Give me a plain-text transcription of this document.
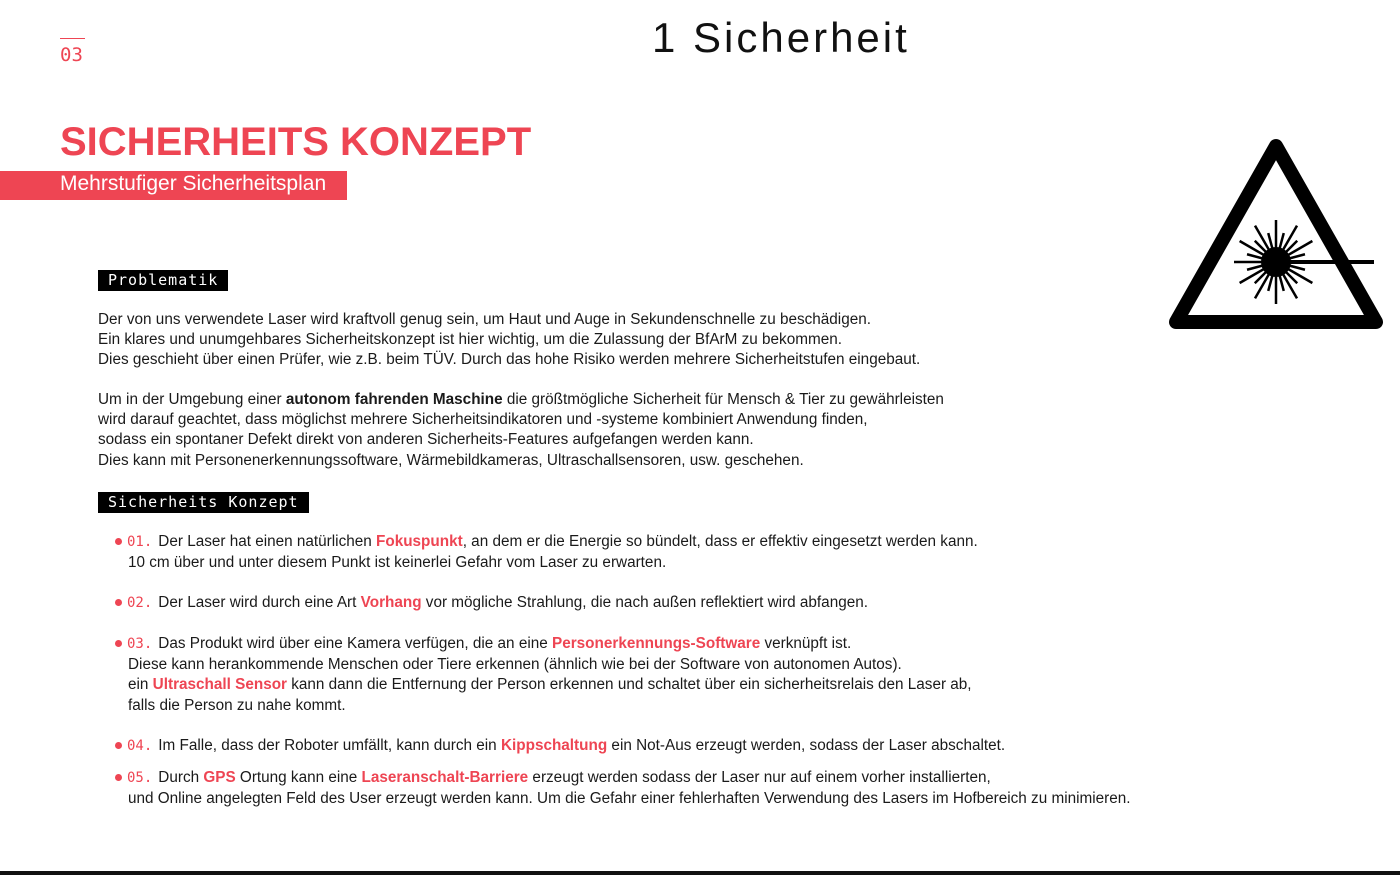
03	1 Sicherheit
SICHERHEITS KONZEPT
Mehrstufiger Sicherheitsplan
Problematik
Der von uns verwendete Laser wird kraftvoll genug sein, um Haut und Auge in Sekundenschnelle zu beschädigen.
Ein klares und unumgehbares Sicherheitskonzept ist hier wichtig, um die Zulassung der BfArM zu bekommen.
Dies geschieht über einen Prüfer, wie z.B. beim TÜV. Durch das hohe Risiko werden mehrere Sicherheitstufen eingebaut.
Um in der Umgebung einer autonom fahrenden Maschine die größtmögliche Sicherheit für Mensch & Tier zu gewährleisten
wird darauf geachtet, dass möglichst mehrere Sicherheitsindikatoren und -systeme kombiniert Anwendung finden,
sodass ein spontaner Defekt direkt von anderen Sicherheits-Features aufgefangen werden kann.
Dies kann mit Personenerkennungssoftware, Wärmebildkameras, Ultraschallsensoren, usw. geschehen.
Sicherheits Konzept
01. Der Laser hat einen natürlichen Fokuspunkt, an dem er die Energie so bündelt, dass er effektiv eingesetzt werden kann.
10 cm über und unter diesem Punkt ist keinerlei Gefahr vom Laser zu erwarten.
02. Der Laser wird durch eine Art Vorhang vor mögliche Strahlung, die nach außen reflektiert wird abfangen.
03. Das Produkt wird über eine Kamera verfügen, die an eine Personerkennungs-Software verknüpft ist.
Diese kann herankommende Menschen oder Tiere erkennen (ähnlich wie bei der Software von autonomen Autos).
ein Ultraschall Sensor kann dann die Entfernung der Person erkennen und schaltet über ein sicherheitsrelais den Laser ab,
falls die Person zu nahe kommt.
04. Im Falle, dass der Roboter umfällt, kann durch ein Kippschaltung ein Not-Aus erzeugt werden, sodass der Laser abschaltet.
05. Durch GPS Ortung kann eine Laseranschalt-Barriere erzeugt werden sodass der Laser nur auf einem vorher installierten,
und Online angelegten Feld des User erzeugt werden kann. Um die Gefahr einer fehlerhaften Verwendung des Lasers im Hofbereich zu minimieren.
